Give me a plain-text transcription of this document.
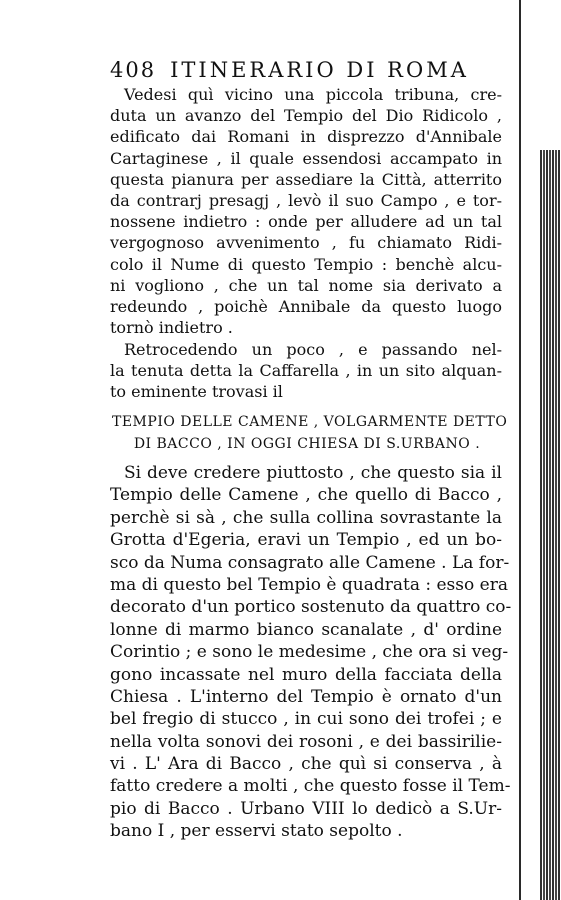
408 ITINERARIO DI ROMA
Vedesi quì vicino una piccola tribuna, cre-
duta un avanzo del Tempio del Dio Ridicolo ,
edificato dai Romani in disprezzo d'Annibale
Cartaginese , il quale essendosi accampato in
questa pianura per assediare la Città, atterrito
da contrarj presagj , levò il suo Campo , e tor-
nossene indietro : onde per alludere ad un tal
vergognoso avvenimento , fu chiamato Ridi-
colo il Nume di questo Tempio : benchè alcu-
ni vogliono , che un tal nome sia derivato a
redeundo , poichè Annibale da questo luogo
tornò indietro .
Retrocedendo un poco , e passando nel-
la tenuta detta la Caffarella , in un sito alquan-
to eminente trovasi il
TEMPIO DELLE CAMENE , VOLGARMENTE DETTO
DI BACCO , IN OGGI CHIESA DI S.URBANO .
Si deve credere piuttosto , che questo sia il
Tempio delle Camene , che quello di Bacco ,
perchè si sà , che sulla collina sovrastante la
Grotta d'Egeria, eravi un Tempio , ed un bo-
sco da Numa consagrato alle Camene . La for-
ma di questo bel Tempio è quadrata : esso era
decorato d'un portico sostenuto da quattro co-
lonne di marmo bianco scanalate , d' ordine
Corintio ; e sono le medesime , che ora si veg-
gono incassate nel muro della facciata della
Chiesa . L'interno del Tempio è ornato d'un
bel fregio di stucco , in cui sono dei trofei ; e
nella volta sonovi dei rosoni , e dei bassirilie-
vi . L' Ara di Bacco , che quì si conserva , à
fatto credere a molti , che questo fosse il Tem-
pio di Bacco . Urbano VIII lo dedicò a S.Ur-
bano I , per esservi stato sepolto .
